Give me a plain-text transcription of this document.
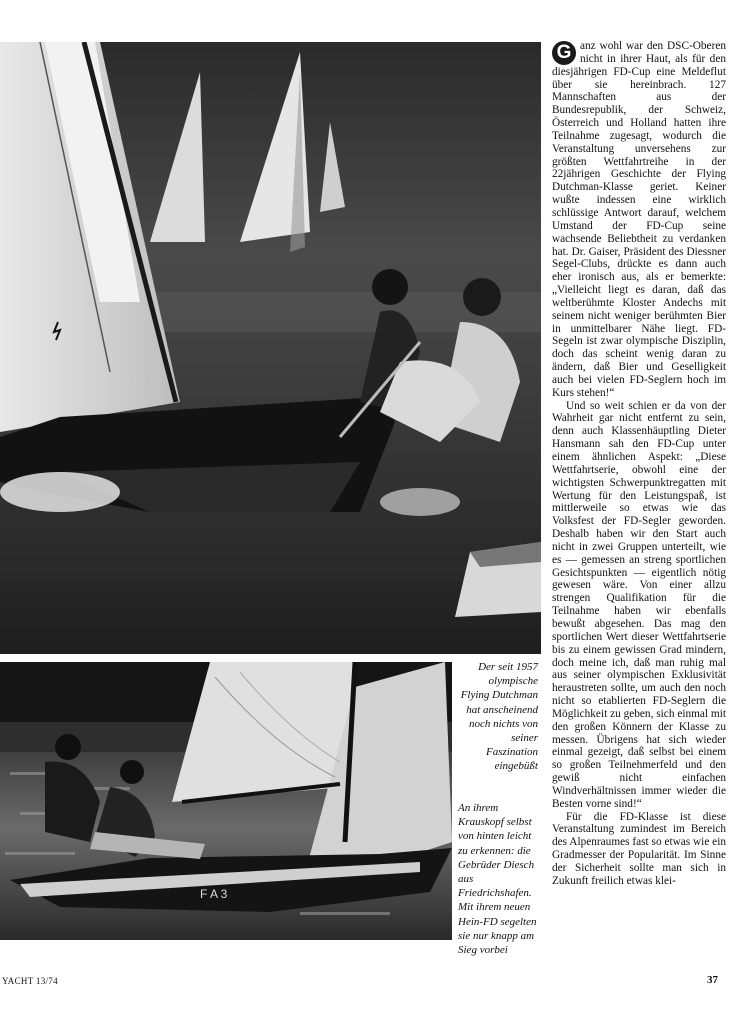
F A 3
Der seit 1957 olympische Flying Dutchman hat anscheinend noch nichts von seiner Faszination eingebüßt
An ihrem Krauskopf selbst von hinten leicht zu erkennen: die Gebrüder Diesch aus Friedrichshafen. Mit ihrem neuen Hein-FD segelten sie nur knapp am Sieg vorbei

G anz wohl war den DSC-Oberen nicht in ihrer Haut, als für den diesjährigen FD-Cup eine Meldeflut über sie hereinbrach. 127 Mannschaften aus der Bundesrepublik, der Schweiz, Österreich und Holland hatten ihre Teilnahme zugesagt, wodurch die Veranstaltung unversehens zur größten Wettfahrtreihe in der 22jährigen Geschichte der Flying Dutchman-Klasse geriet. Keiner wußte indessen eine wirklich schlüssige Antwort darauf, welchem Umstand der FD-Cup seine wachsende Beliebtheit zu verdanken hat. Dr. Gaiser, Präsident des Diessner Segel-Clubs, drückte es dann auch eher ironisch aus, als er bemerkte: „Vielleicht liegt es daran, daß das weltberühmte Kloster Andechs mit seinem nicht weniger berühmten Bier in unmittelbarer Nähe liegt. FD-Segeln ist zwar olympische Disziplin, doch das scheint wenig daran zu ändern, daß Bier und Geselligkeit auch bei vielen FD-Seglern hoch im Kurs stehen!“

Und so weit schien er da von der Wahrheit gar nicht entfernt zu sein, denn auch Klassenhäuptling Dieter Hansmann sah den FD-Cup unter einem ähnlichen Aspekt: „Diese Wettfahrtserie, obwohl eine der wichtigsten Schwerpunktregatten mit Wertung für den Leistungspaß, ist mittlerweile so etwas wie das Volksfest der FD-Segler geworden. Deshalb haben wir den Start auch nicht in zwei Gruppen unterteilt, wie es — gemessen an streng sportlichen Gesichtspunkten — eigentlich nötig gewesen wäre. Von einer allzu strengen Qualifikation für die Teilnahme haben wir ebenfalls bewußt abgesehen. Das mag den sportlichen Wert dieser Wettfahrtserie bis zu einem gewissen Grad mindern, doch meine ich, daß man ruhig mal aus seiner olympischen Exklusivität heraustreten sollte, um auch den noch nicht so etablierten FD-Seglern die Möglichkeit zu geben, sich einmal mit den großen Könnern der Klasse zu messen. Übrigens hat sich wieder einmal gezeigt, daß selbst bei einem so großen Teilnehmerfeld und den gewiß nicht einfachen Windverhältnissen immer wieder die Besten vorne sind!“

Für die FD-Klasse ist diese Veranstaltung zumindest im Bereich des Alpenraumes fast so etwas wie ein Gradmesser der Popularität. Im Sinne der Sicherheit sollte man sich in Zukunft freilich etwas klei-

YACHT 13/74	37
